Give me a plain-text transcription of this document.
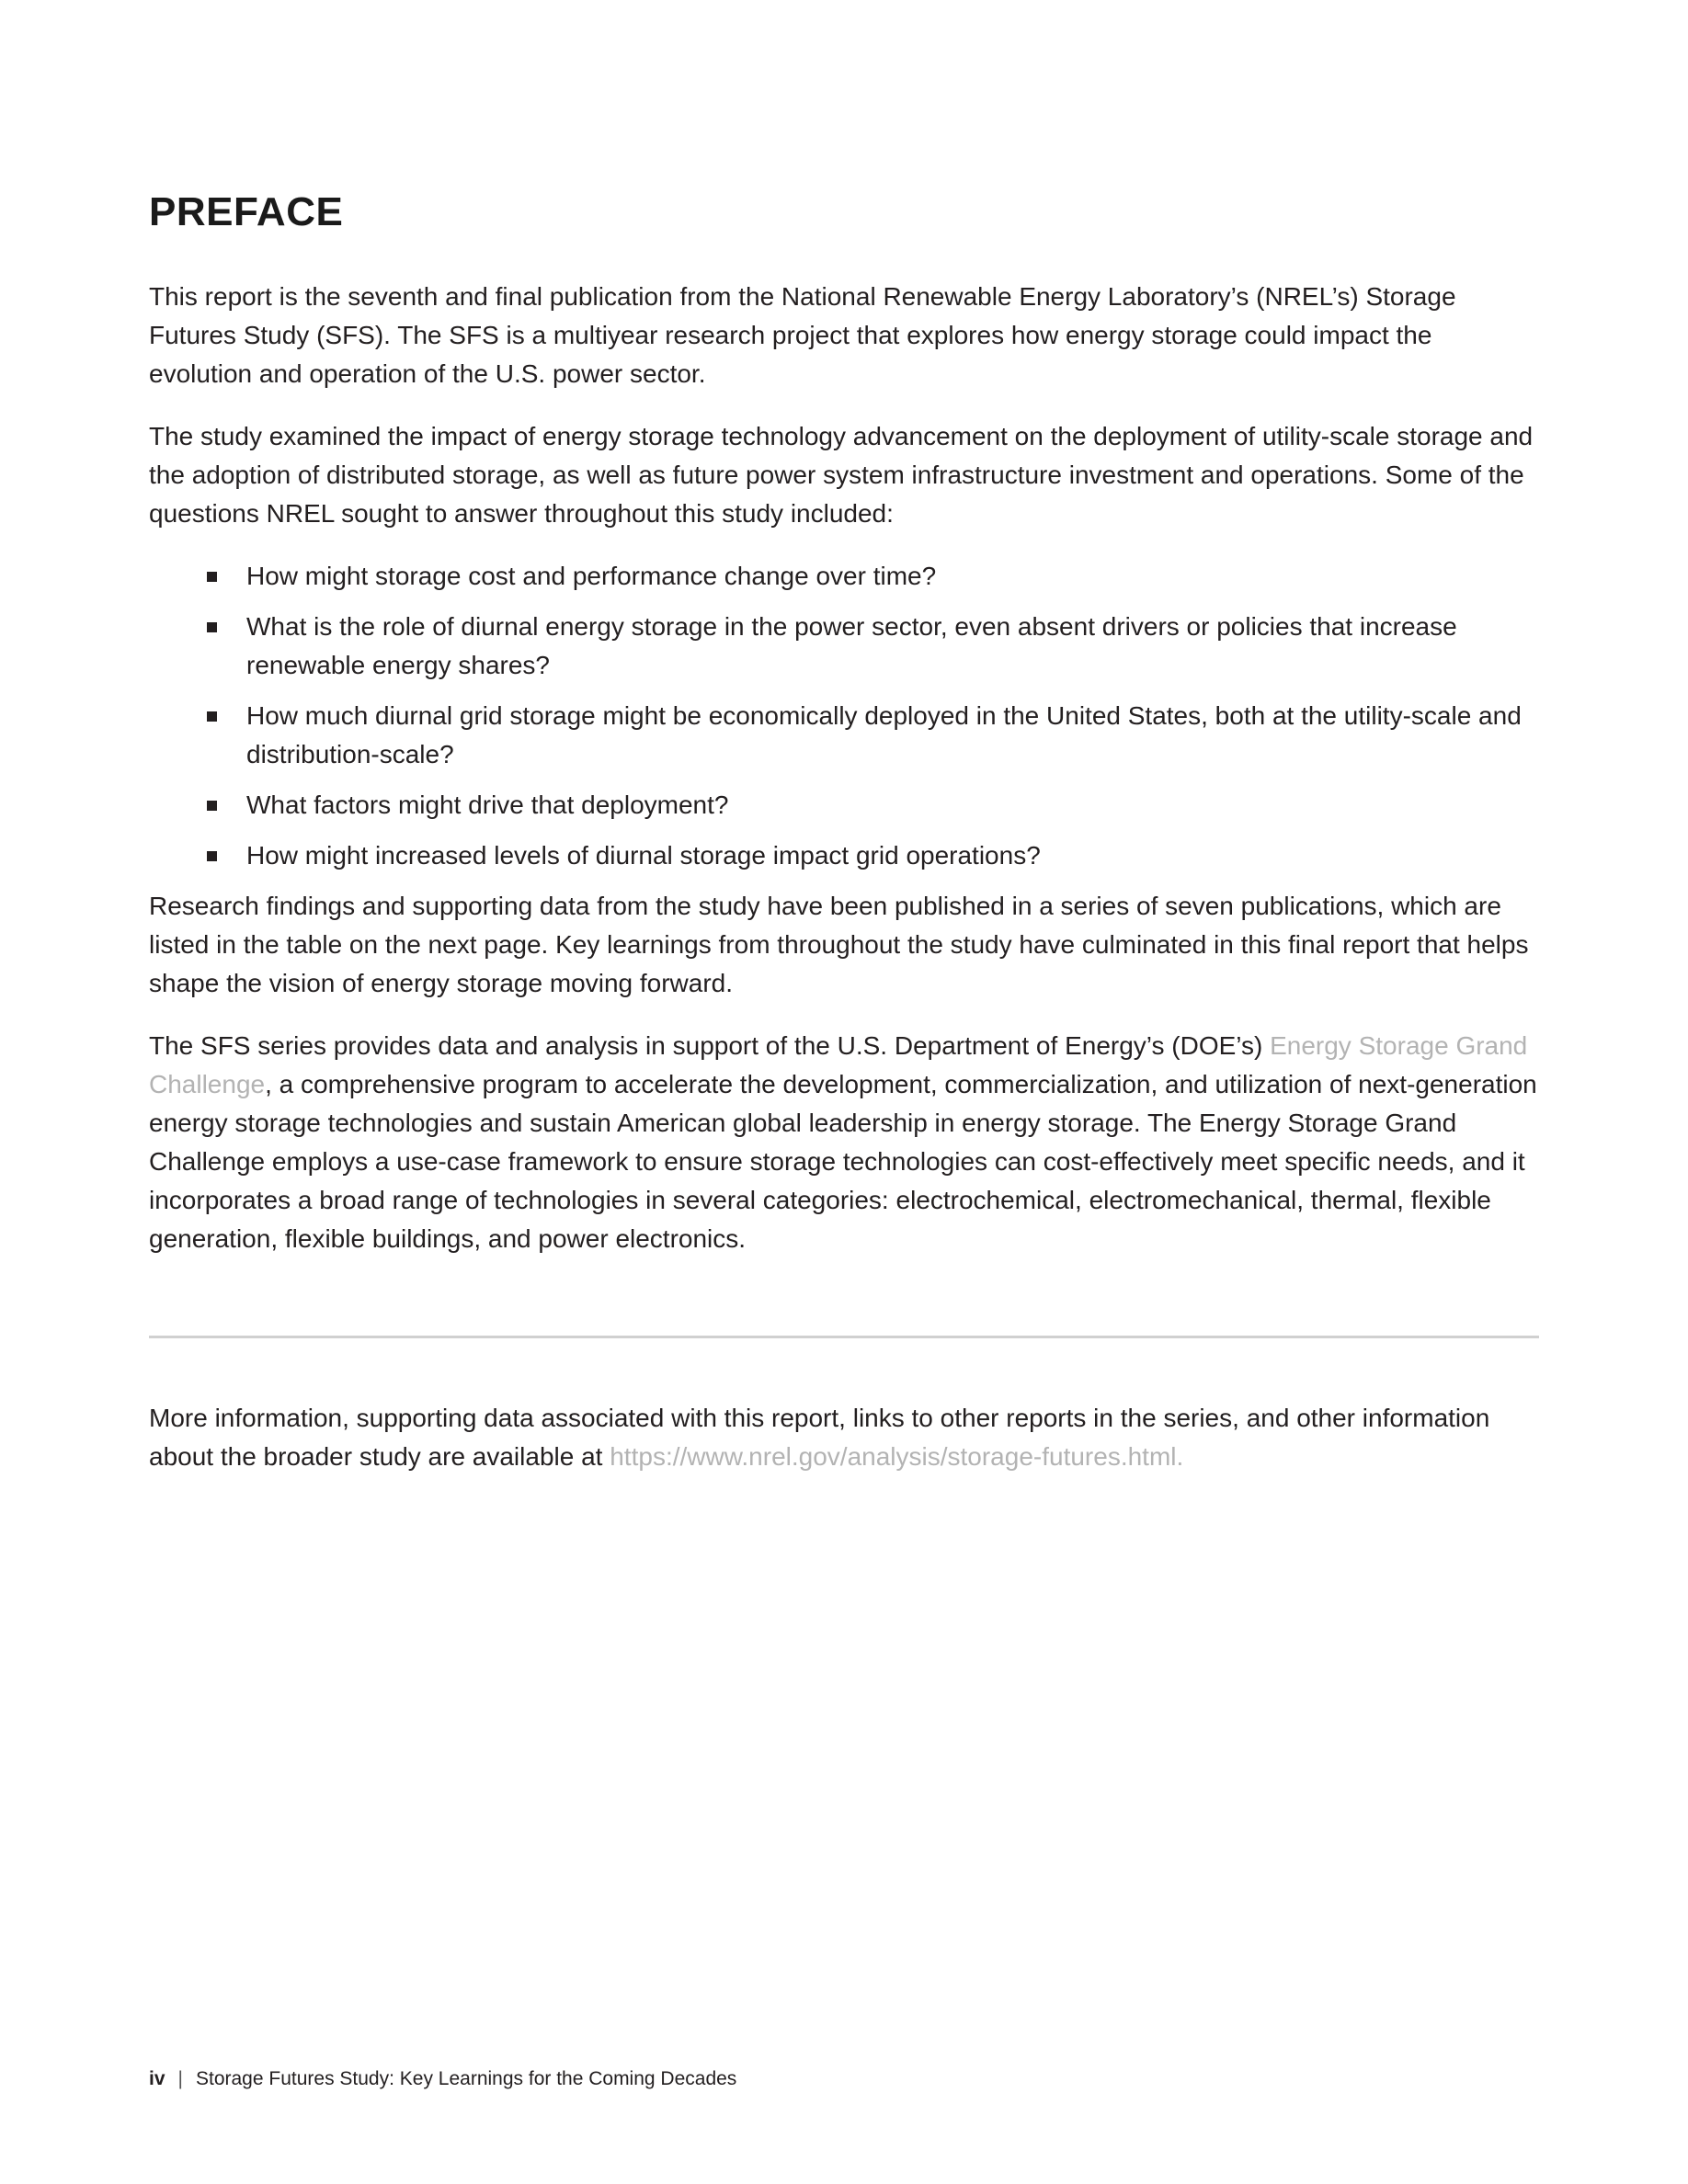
PREFACE

This report is the seventh and final publication from the National Renewable Energy Laboratory’s (NREL’s) Storage Futures Study (SFS). The SFS is a multiyear research project that explores how energy storage could impact the evolution and operation of the U.S. power sector.

The study examined the impact of energy storage technology advancement on the deployment of utility-scale storage and the adoption of distributed storage, as well as future power system infrastructure investment and operations. Some of the questions NREL sought to answer throughout this study included:

How might storage cost and performance change over time?
What is the role of diurnal energy storage in the power sector, even absent drivers or policies that increase renewable energy shares?
How much diurnal grid storage might be economically deployed in the United States, both at the utility-scale and distribution-scale?
What factors might drive that deployment?
How might increased levels of diurnal storage impact grid operations?

Research findings and supporting data from the study have been published in a series of seven publications, which are listed in the table on the next page. Key learnings from throughout the study have culminated in this final report that helps shape the vision of energy storage moving forward.

The SFS series provides data and analysis in support of the U.S. Department of Energy’s (DOE’s) Energy Storage Grand Challenge, a comprehensive program to accelerate the development, commercialization, and utilization of next-generation energy storage technologies and sustain American global leadership in energy storage. The Energy Storage Grand Challenge employs a use-case framework to ensure storage technologies can cost-effectively meet specific needs, and it incorporates a broad range of technologies in several categories: electrochemical, electromechanical, thermal, flexible generation, flexible buildings, and power electronics.

More information, supporting data associated with this report, links to other reports in the series, and other information about the broader study are available at https://www.nrel.gov/analysis/storage-futures.html.

iv | Storage Futures Study: Key Learnings for the Coming Decades
